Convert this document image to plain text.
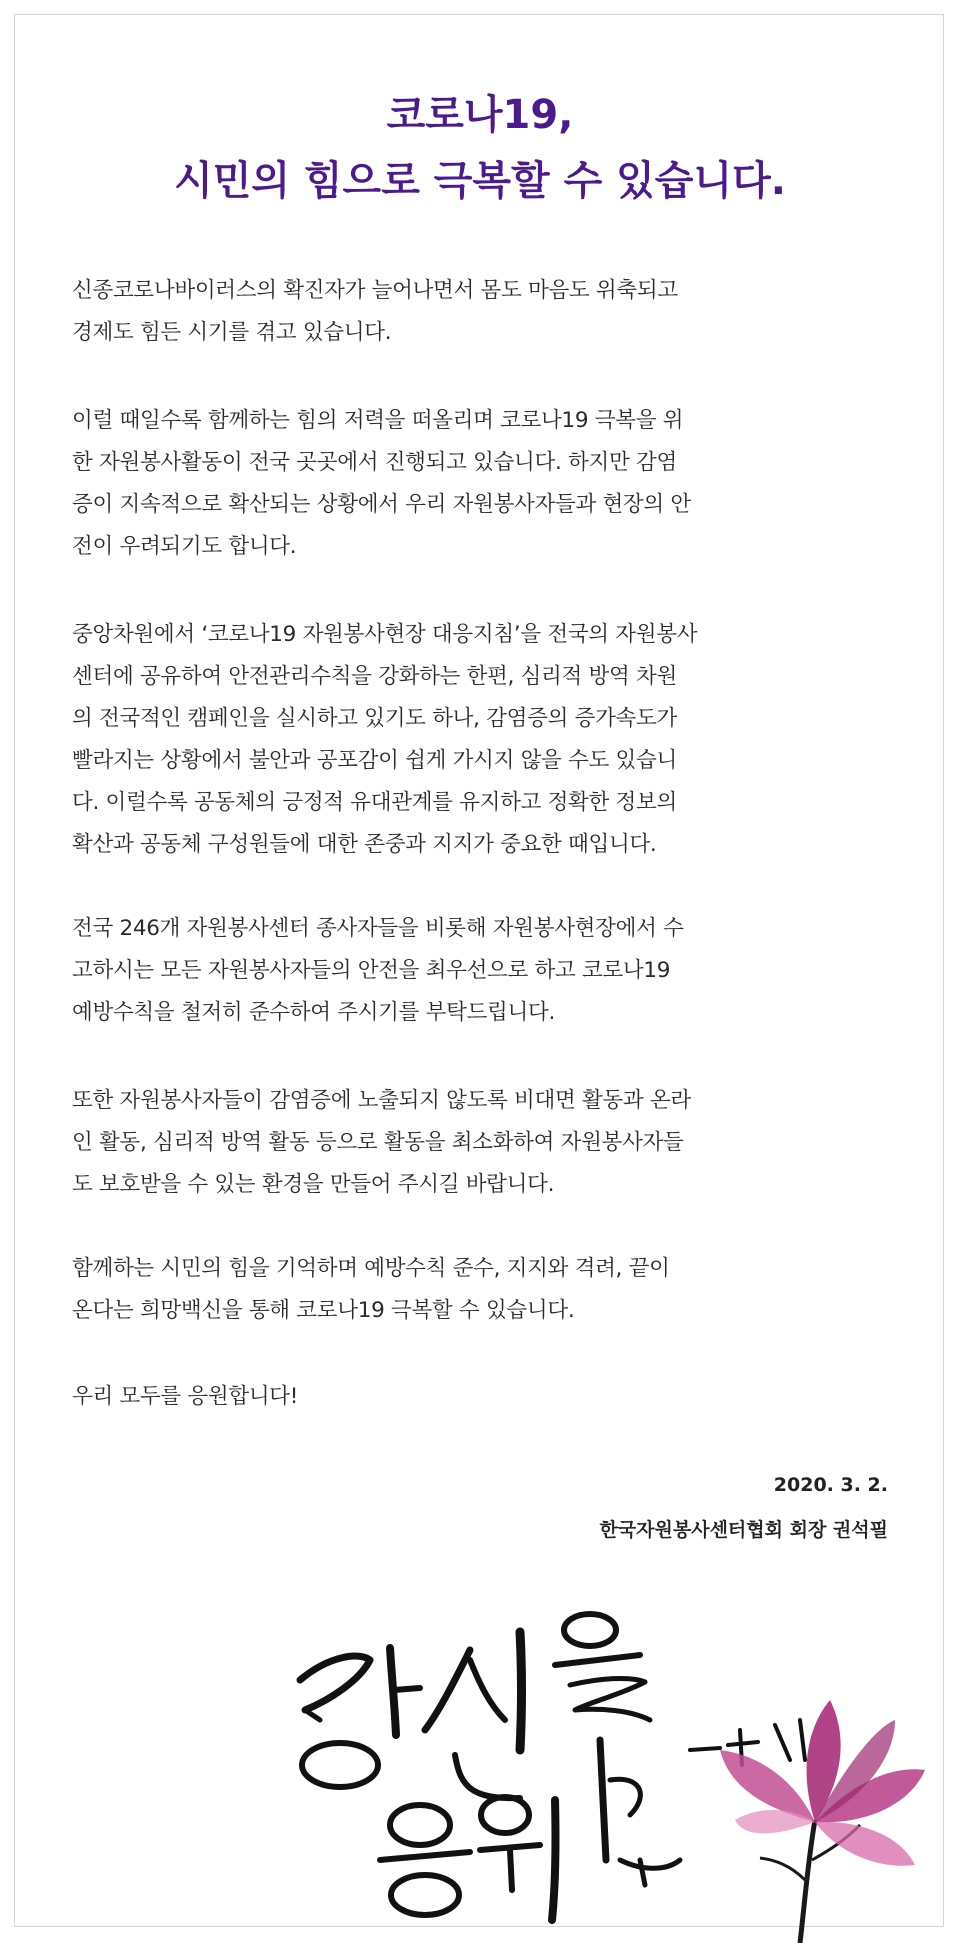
코로나19,
시민의 힘으로 극복할 수 있습니다.
신종코로나바이러스의 확진자가 늘어나면서 몸도 마음도 위축되고
경제도 힘든 시기를 겪고 있습니다.
이럴 때일수록 함께하는 힘의 저력을 떠올리며 코로나19 극복을 위
한 자원봉사활동이 전국 곳곳에서 진행되고 있습니다. 하지만 감염
증이 지속적으로 확산되는 상황에서 우리 자원봉사자들과 현장의 안
전이 우려되기도 합니다.
중앙차원에서 ‘코로나19 자원봉사현장 대응지침’을 전국의 자원봉사
센터에 공유하여 안전관리수칙을 강화하는 한편, 심리적 방역 차원
의 전국적인 캠페인을 실시하고 있기도 하나, 감염증의 증가속도가
빨라지는 상황에서 불안과 공포감이 쉽게 가시지 않을 수도 있습니
다. 이럴수록 공동체의 긍정적 유대관계를 유지하고 정확한 정보의
확산과 공동체 구성원들에 대한 존중과 지지가 중요한 때입니다.
전국 246개 자원봉사센터 종사자들을 비롯해 자원봉사현장에서 수
고하시는 모든 자원봉사자들의 안전을 최우선으로 하고 코로나19
예방수칙을 철저히 준수하여 주시기를 부탁드립니다.
또한 자원봉사자들이 감염증에 노출되지 않도록 비대면 활동과 온라
인 활동, 심리적 방역 활동 등으로 활동을 최소화하여 자원봉사자들
도 보호받을 수 있는 환경을 만들어 주시길 바랍니다.
함께하는 시민의 힘을 기억하며 예방수칙 준수, 지지와 격려, 끝이
온다는 희망백신을 통해 코로나19 극복할 수 있습니다.
우리 모두를 응원합니다!
2020. 3. 2.
한국자원봉사센터협회 회장 권석필
